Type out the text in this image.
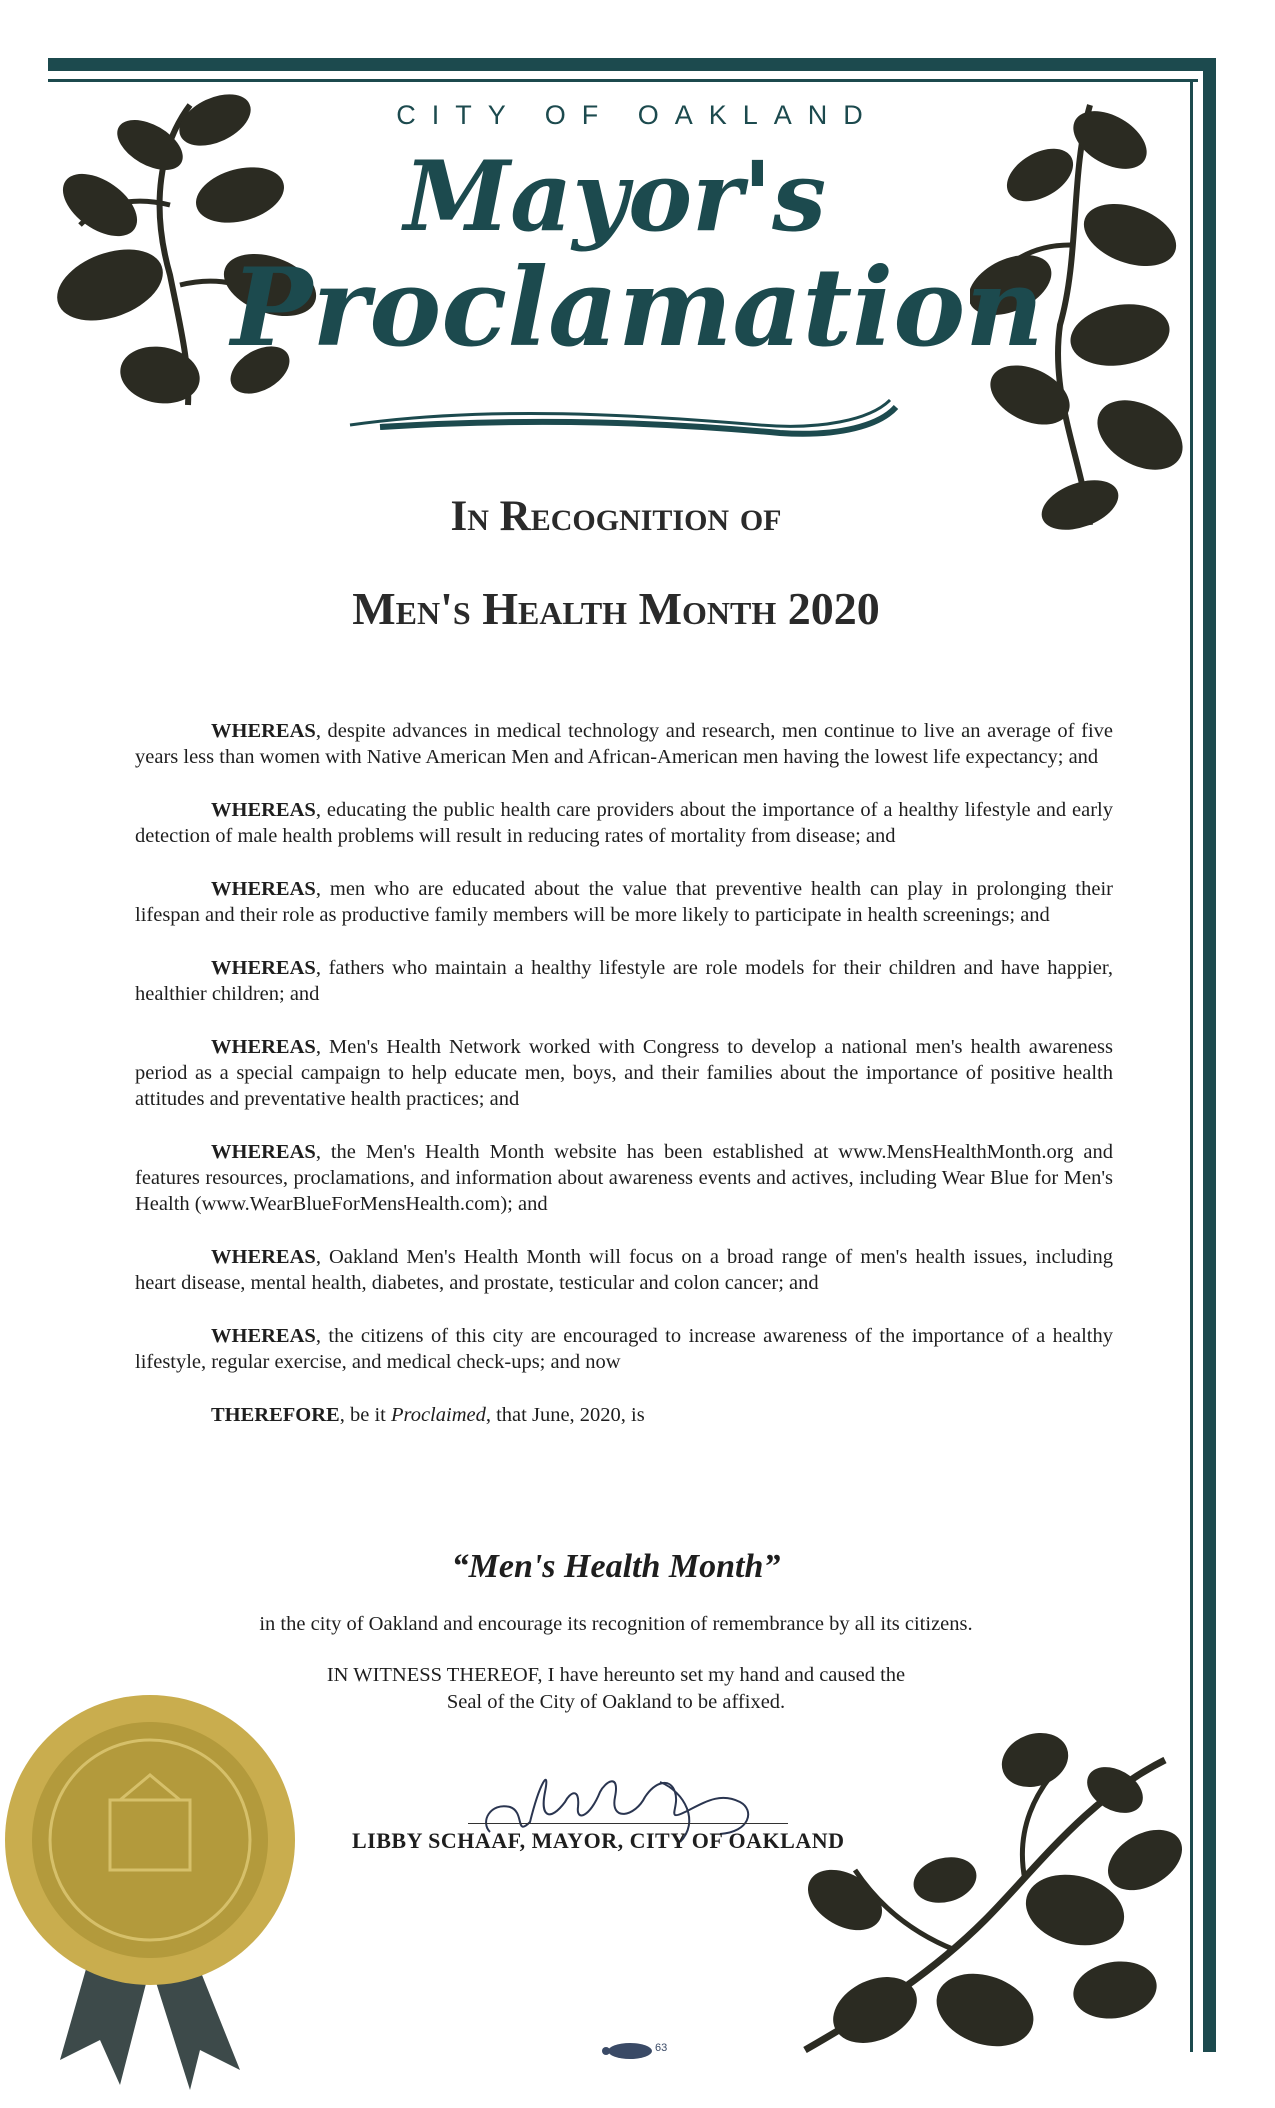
CITY OF OAKLAND
Mayor's
Proclamation
In Recognition of
Men's Health Month 2020

WHEREAS, despite advances in medical technology and research, men continue to live an average of five years less than women with Native American Men and African-American men having the lowest life expectancy; and

WHEREAS, educating the public health care providers about the importance of a healthy lifestyle and early detection of male health problems will result in reducing rates of mortality from disease; and

WHEREAS, men who are educated about the value that preventive health can play in prolonging their lifespan and their role as productive family members will be more likely to participate in health screenings; and

WHEREAS, fathers who maintain a healthy lifestyle are role models for their children and have happier, healthier children; and

WHEREAS, Men's Health Network worked with Congress to develop a national men's health awareness period as a special campaign to help educate men, boys, and their families about the importance of positive health attitudes and preventative health practices; and

WHEREAS, the Men's Health Month website has been established at www.MensHealthMonth.org and features resources, proclamations, and information about awareness events and actives, including Wear Blue for Men's Health (www.WearBlueForMensHealth.com); and

WHEREAS, Oakland Men's Health Month will focus on a broad range of men's health issues, including heart disease, mental health, diabetes, and prostate, testicular and colon cancer; and

WHEREAS, the citizens of this city are encouraged to increase awareness of the importance of a healthy lifestyle, regular exercise, and medical check-ups; and now

THEREFORE, be it Proclaimed, that June, 2020, is

“Men's Health Month”
in the city of Oakland and encourage its recognition of remembrance by all its citizens.
IN WITNESS THEREOF, I have hereunto set my hand and caused the
Seal of the City of Oakland to be affixed.
LIBBY SCHAAF, MAYOR, CITY OF OAKLAND
63
